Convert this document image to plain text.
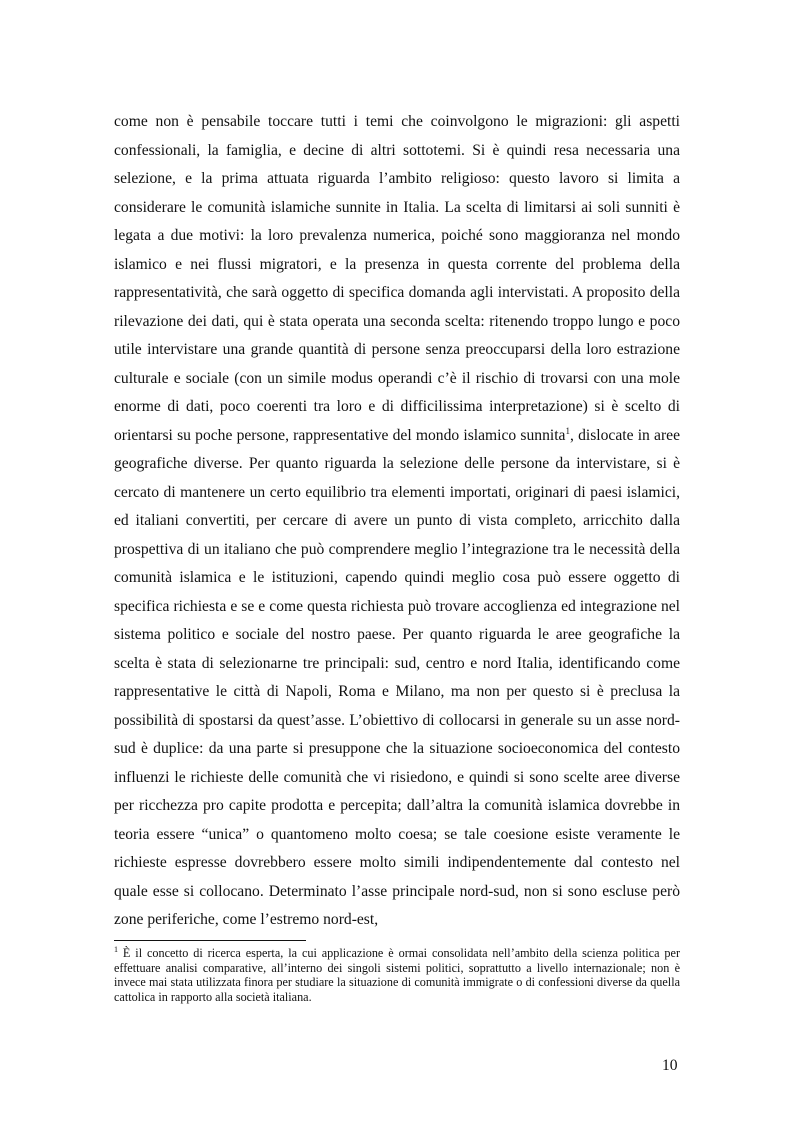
come non è pensabile toccare tutti i temi che coinvolgono le migrazioni: gli aspetti confessionali, la famiglia, e decine di altri sottotemi. Si è quindi resa necessaria una selezione, e la prima attuata riguarda l’ambito religioso: questo lavoro si limita a considerare le comunità islamiche sunnite in Italia. La scelta di limitarsi ai soli sunniti è legata a due motivi: la loro prevalenza numerica, poiché sono maggioranza nel mondo islamico e nei flussi migratori, e la presenza in questa corrente del problema della rappresentatività, che sarà oggetto di specifica domanda agli intervistati. A proposito della rilevazione dei dati, qui è stata operata una seconda scelta: ritenendo troppo lungo e poco utile intervistare una grande quantità di persone senza preoccuparsi della loro estrazione culturale e sociale (con un simile modus operandi c’è il rischio di trovarsi con una mole enorme di dati, poco coerenti tra loro e di difficilissima interpretazione) si è scelto di orientarsi su poche persone, rappresentative del mondo islamico sunnita$^1$, dislocate in aree geografiche diverse. Per quanto riguarda la selezione delle persone da intervistare, si è cercato di mantenere un certo equilibrio tra elementi importati, originari di paesi islamici, ed italiani convertiti, per cercare di avere un punto di vista completo, arricchito dalla prospettiva di un italiano che può comprendere meglio l’integrazione tra le necessità della comunità islamica e le istituzioni, capendo quindi meglio cosa può essere oggetto di specifica richiesta e se e come questa richiesta può trovare accoglienza ed integrazione nel sistema politico e sociale del nostro paese. Per quanto riguarda le aree geografiche la scelta è stata di selezionarne tre principali: sud, centro e nord Italia, identificando come rappresentative le città di Napoli, Roma e Milano, ma non per questo si è preclusa la possibilità di spostarsi da quest’asse. L’obiettivo di collocarsi in generale su un asse nord-sud è duplice: da una parte si presuppone che la situazione socioeconomica del contesto influenzi le richieste delle comunità che vi risiedono, e quindi si sono scelte aree diverse per ricchezza pro capite prodotta e percepita; dall’altra la comunità islamica dovrebbe in teoria essere “unica” o quantomeno molto coesa; se tale coesione esiste veramente le richieste espresse dovrebbero essere molto simili indipendentemente dal contesto nel quale esse si collocano. Determinato l’asse principale nord-sud, non si sono escluse però zone periferiche, come l’estremo nord-est,

$^1$ È il concetto di ricerca esperta, la cui applicazione è ormai consolidata nell’ambito della scienza politica per effettuare analisi comparative, all’interno dei singoli sistemi politici, soprattutto a livello internazionale; non è invece mai stata utilizzata finora per studiare la situazione di comunità immigrate o di confessioni diverse da quella cattolica in rapporto alla società italiana.

10
